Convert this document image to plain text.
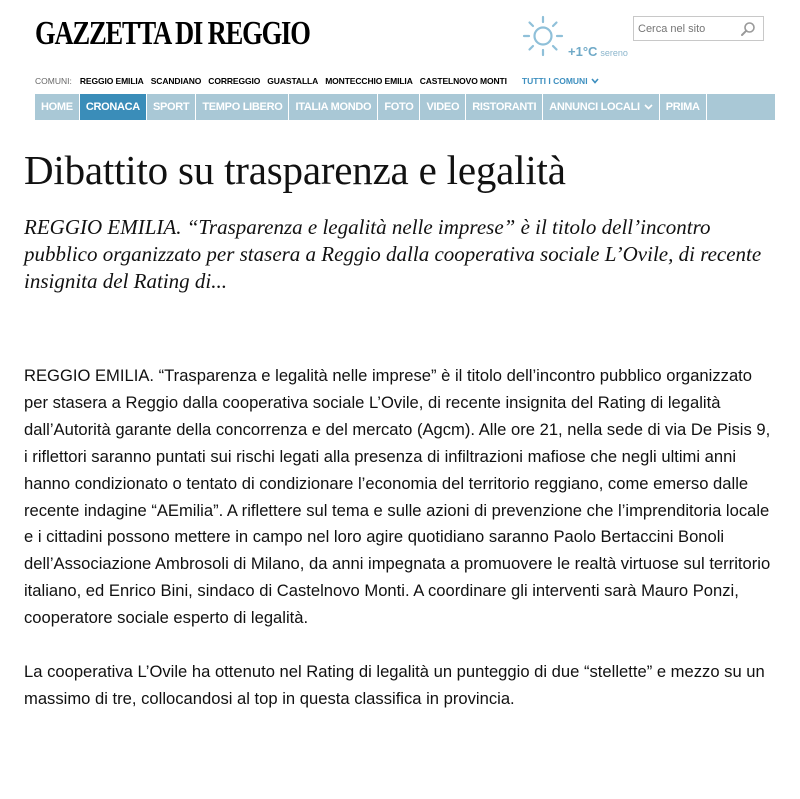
GAZZETTA DI REGGIO	+1°C sereno
Cerca nel sito
COMUNI: REGGIO EMILIA SCANDIANO CORREGGIO GUASTALLA MONTECCHIO EMILIA CASTELNOVO MONTI TUTTI I COMUNI
HOME	CRONACA	SPORT	TEMPO LIBERO	ITALIA MONDO	FOTO	VIDEO	RISTORANTI	ANNUNCI LOCALI	PRIMA
Dibattito su trasparenza e legalità

REGGIO EMILIA. “Trasparenza e legalità nelle imprese” è il titolo dell’incontro pubblico organizzato per stasera a Reggio dalla cooperativa sociale L’Ovile, di recente insignita del Rating di...

REGGIO EMILIA. “Trasparenza e legalità nelle imprese” è il titolo dell’incontro pubblico organizzato per stasera a Reggio dalla cooperativa sociale L’Ovile, di recente insignita del Rating di legalità dall’Autorità garante della concorrenza e del mercato (Agcm). Alle ore 21, nella sede di via De Pisis 9, i riflettori saranno puntati sui rischi legati alla presenza di infiltrazioni mafiose che negli ultimi anni hanno condizionato o tentato di condizionare l’economia del territorio reggiano, come emerso dalle recente indagine “AEmilia”. A riflettere sul tema e sulle azioni di prevenzione che l’imprenditoria locale e i cittadini possono mettere in campo nel loro agire quotidiano saranno Paolo Bertaccini Bonoli dell’Associazione Ambrosoli di Milano, da anni impegnata a promuovere le realtà virtuose sul territorio italiano, ed Enrico Bini, sindaco di Castelnovo Monti. A coordinare gli interventi sarà Mauro Ponzi, cooperatore sociale esperto di legalità.

La cooperativa L’Ovile ha ottenuto nel Rating di legalità un punteggio di due “stellette” e mezzo su un massimo di tre, collocandosi al top in questa classifica in provincia.
